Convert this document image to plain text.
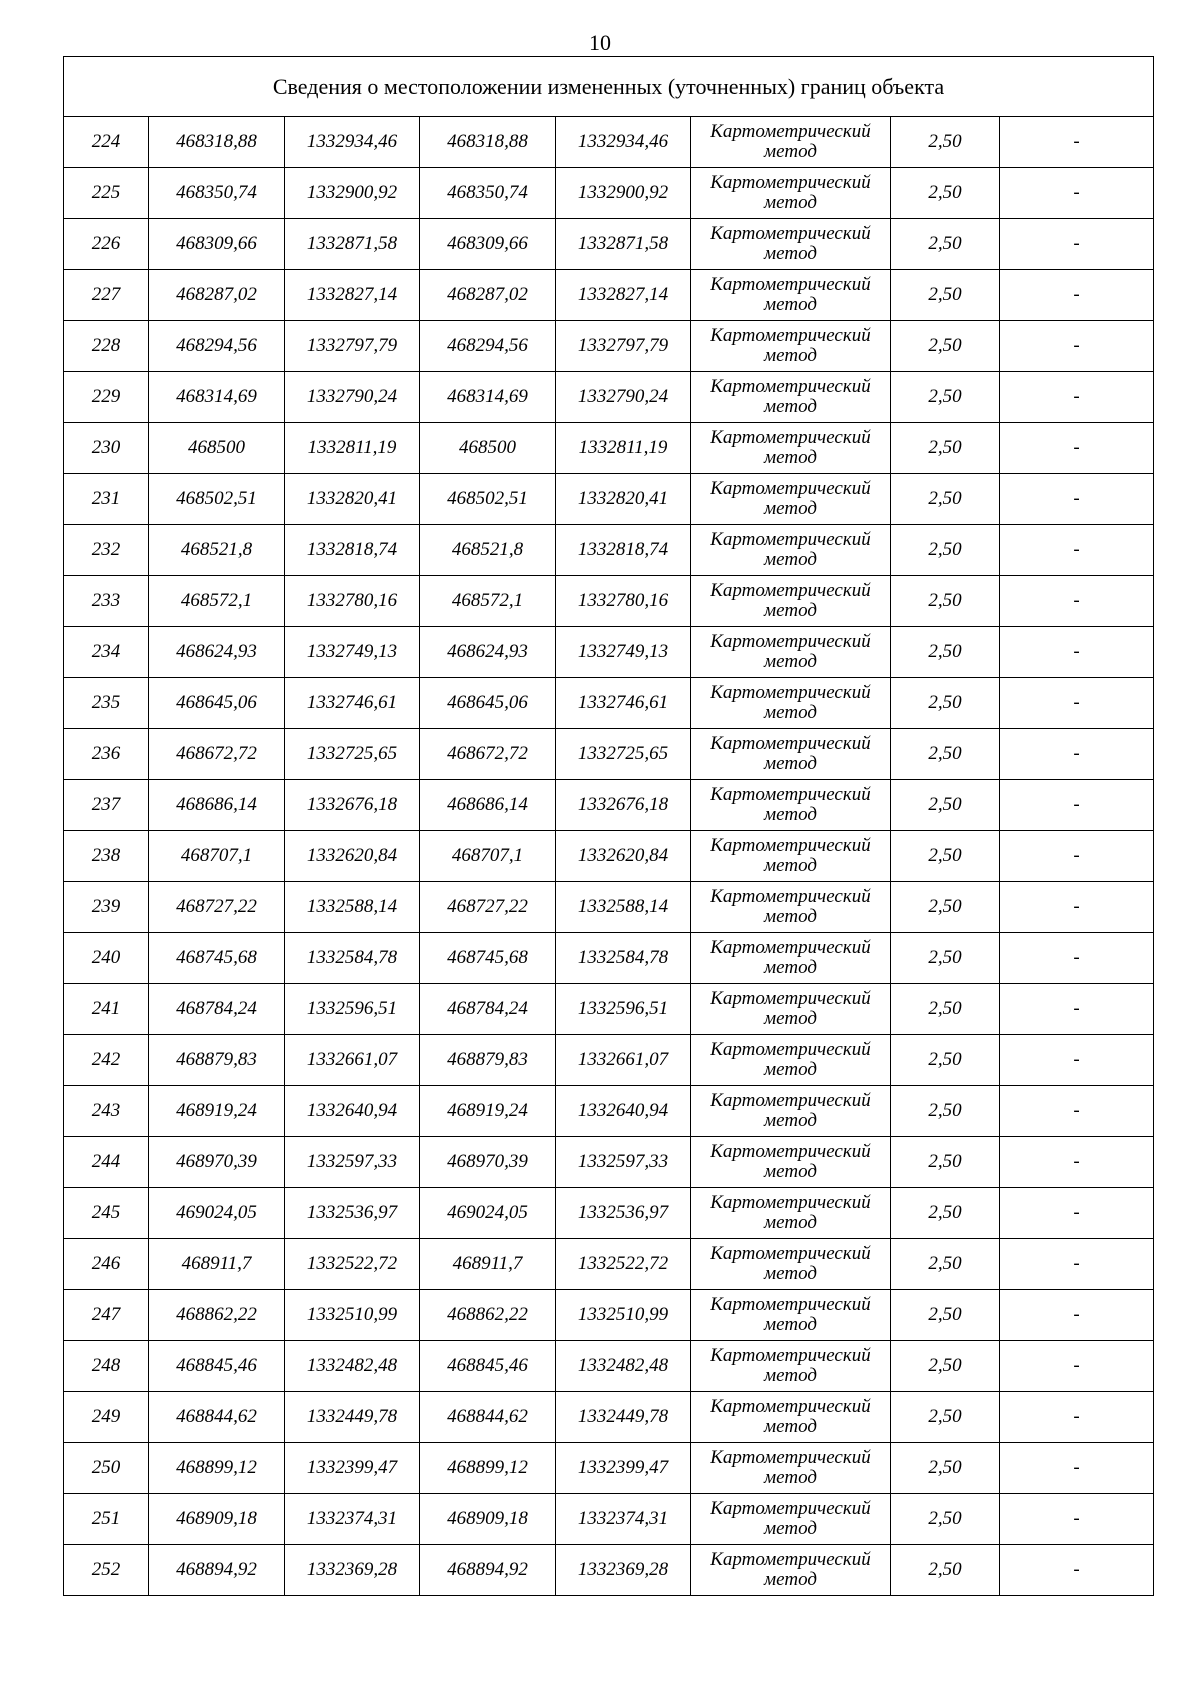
10
Сведения о местоположении измененных (уточненных) границ объекта							
224	468318,88	1332934,46	468318,88	1332934,46	Картометрический
метод	2,50	-
225	468350,74	1332900,92	468350,74	1332900,92	Картометрический
метод	2,50	-
226	468309,66	1332871,58	468309,66	1332871,58	Картометрический
метод	2,50	-
227	468287,02	1332827,14	468287,02	1332827,14	Картометрический
метод	2,50	-
228	468294,56	1332797,79	468294,56	1332797,79	Картометрический
метод	2,50	-
229	468314,69	1332790,24	468314,69	1332790,24	Картометрический
метод	2,50	-
230	468500	1332811,19	468500	1332811,19	Картометрический
метод	2,50	-
231	468502,51	1332820,41	468502,51	1332820,41	Картометрический
метод	2,50	-
232	468521,8	1332818,74	468521,8	1332818,74	Картометрический
метод	2,50	-
233	468572,1	1332780,16	468572,1	1332780,16	Картометрический
метод	2,50	-
234	468624,93	1332749,13	468624,93	1332749,13	Картометрический
метод	2,50	-
235	468645,06	1332746,61	468645,06	1332746,61	Картометрический
метод	2,50	-
236	468672,72	1332725,65	468672,72	1332725,65	Картометрический
метод	2,50	-
237	468686,14	1332676,18	468686,14	1332676,18	Картометрический
метод	2,50	-
238	468707,1	1332620,84	468707,1	1332620,84	Картометрический
метод	2,50	-
239	468727,22	1332588,14	468727,22	1332588,14	Картометрический
метод	2,50	-
240	468745,68	1332584,78	468745,68	1332584,78	Картометрический
метод	2,50	-
241	468784,24	1332596,51	468784,24	1332596,51	Картометрический
метод	2,50	-
242	468879,83	1332661,07	468879,83	1332661,07	Картометрический
метод	2,50	-
243	468919,24	1332640,94	468919,24	1332640,94	Картометрический
метод	2,50	-
244	468970,39	1332597,33	468970,39	1332597,33	Картометрический
метод	2,50	-
245	469024,05	1332536,97	469024,05	1332536,97	Картометрический
метод	2,50	-
246	468911,7	1332522,72	468911,7	1332522,72	Картометрический
метод	2,50	-
247	468862,22	1332510,99	468862,22	1332510,99	Картометрический
метод	2,50	-
248	468845,46	1332482,48	468845,46	1332482,48	Картометрический
метод	2,50	-
249	468844,62	1332449,78	468844,62	1332449,78	Картометрический
метод	2,50	-
250	468899,12	1332399,47	468899,12	1332399,47	Картометрический
метод	2,50	-
251	468909,18	1332374,31	468909,18	1332374,31	Картометрический
метод	2,50	-
252	468894,92	1332369,28	468894,92	1332369,28	Картометрический
метод	2,50	-
